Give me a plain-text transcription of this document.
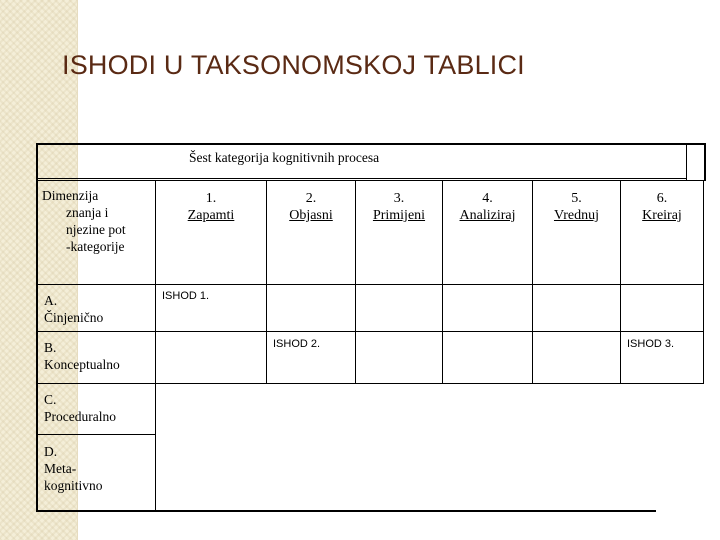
ISHODI U TAKSONOMSKOJ TABLICI
Šest kategorija kognitivnih procesa
Dimenzija
znanja i
njezine pot
-kategorije
1.
Zapamti
2.
Objasni
3.
Primijeni
4.
Analiziraj
5.
Vrednuj
6.
Kreiraj
A.
Činjenično
B.
Konceptualno
C.
Proceduralno
D.
Meta-
kognitivno
ISHOD 1.
ISHOD 2.	ISHOD 3.
